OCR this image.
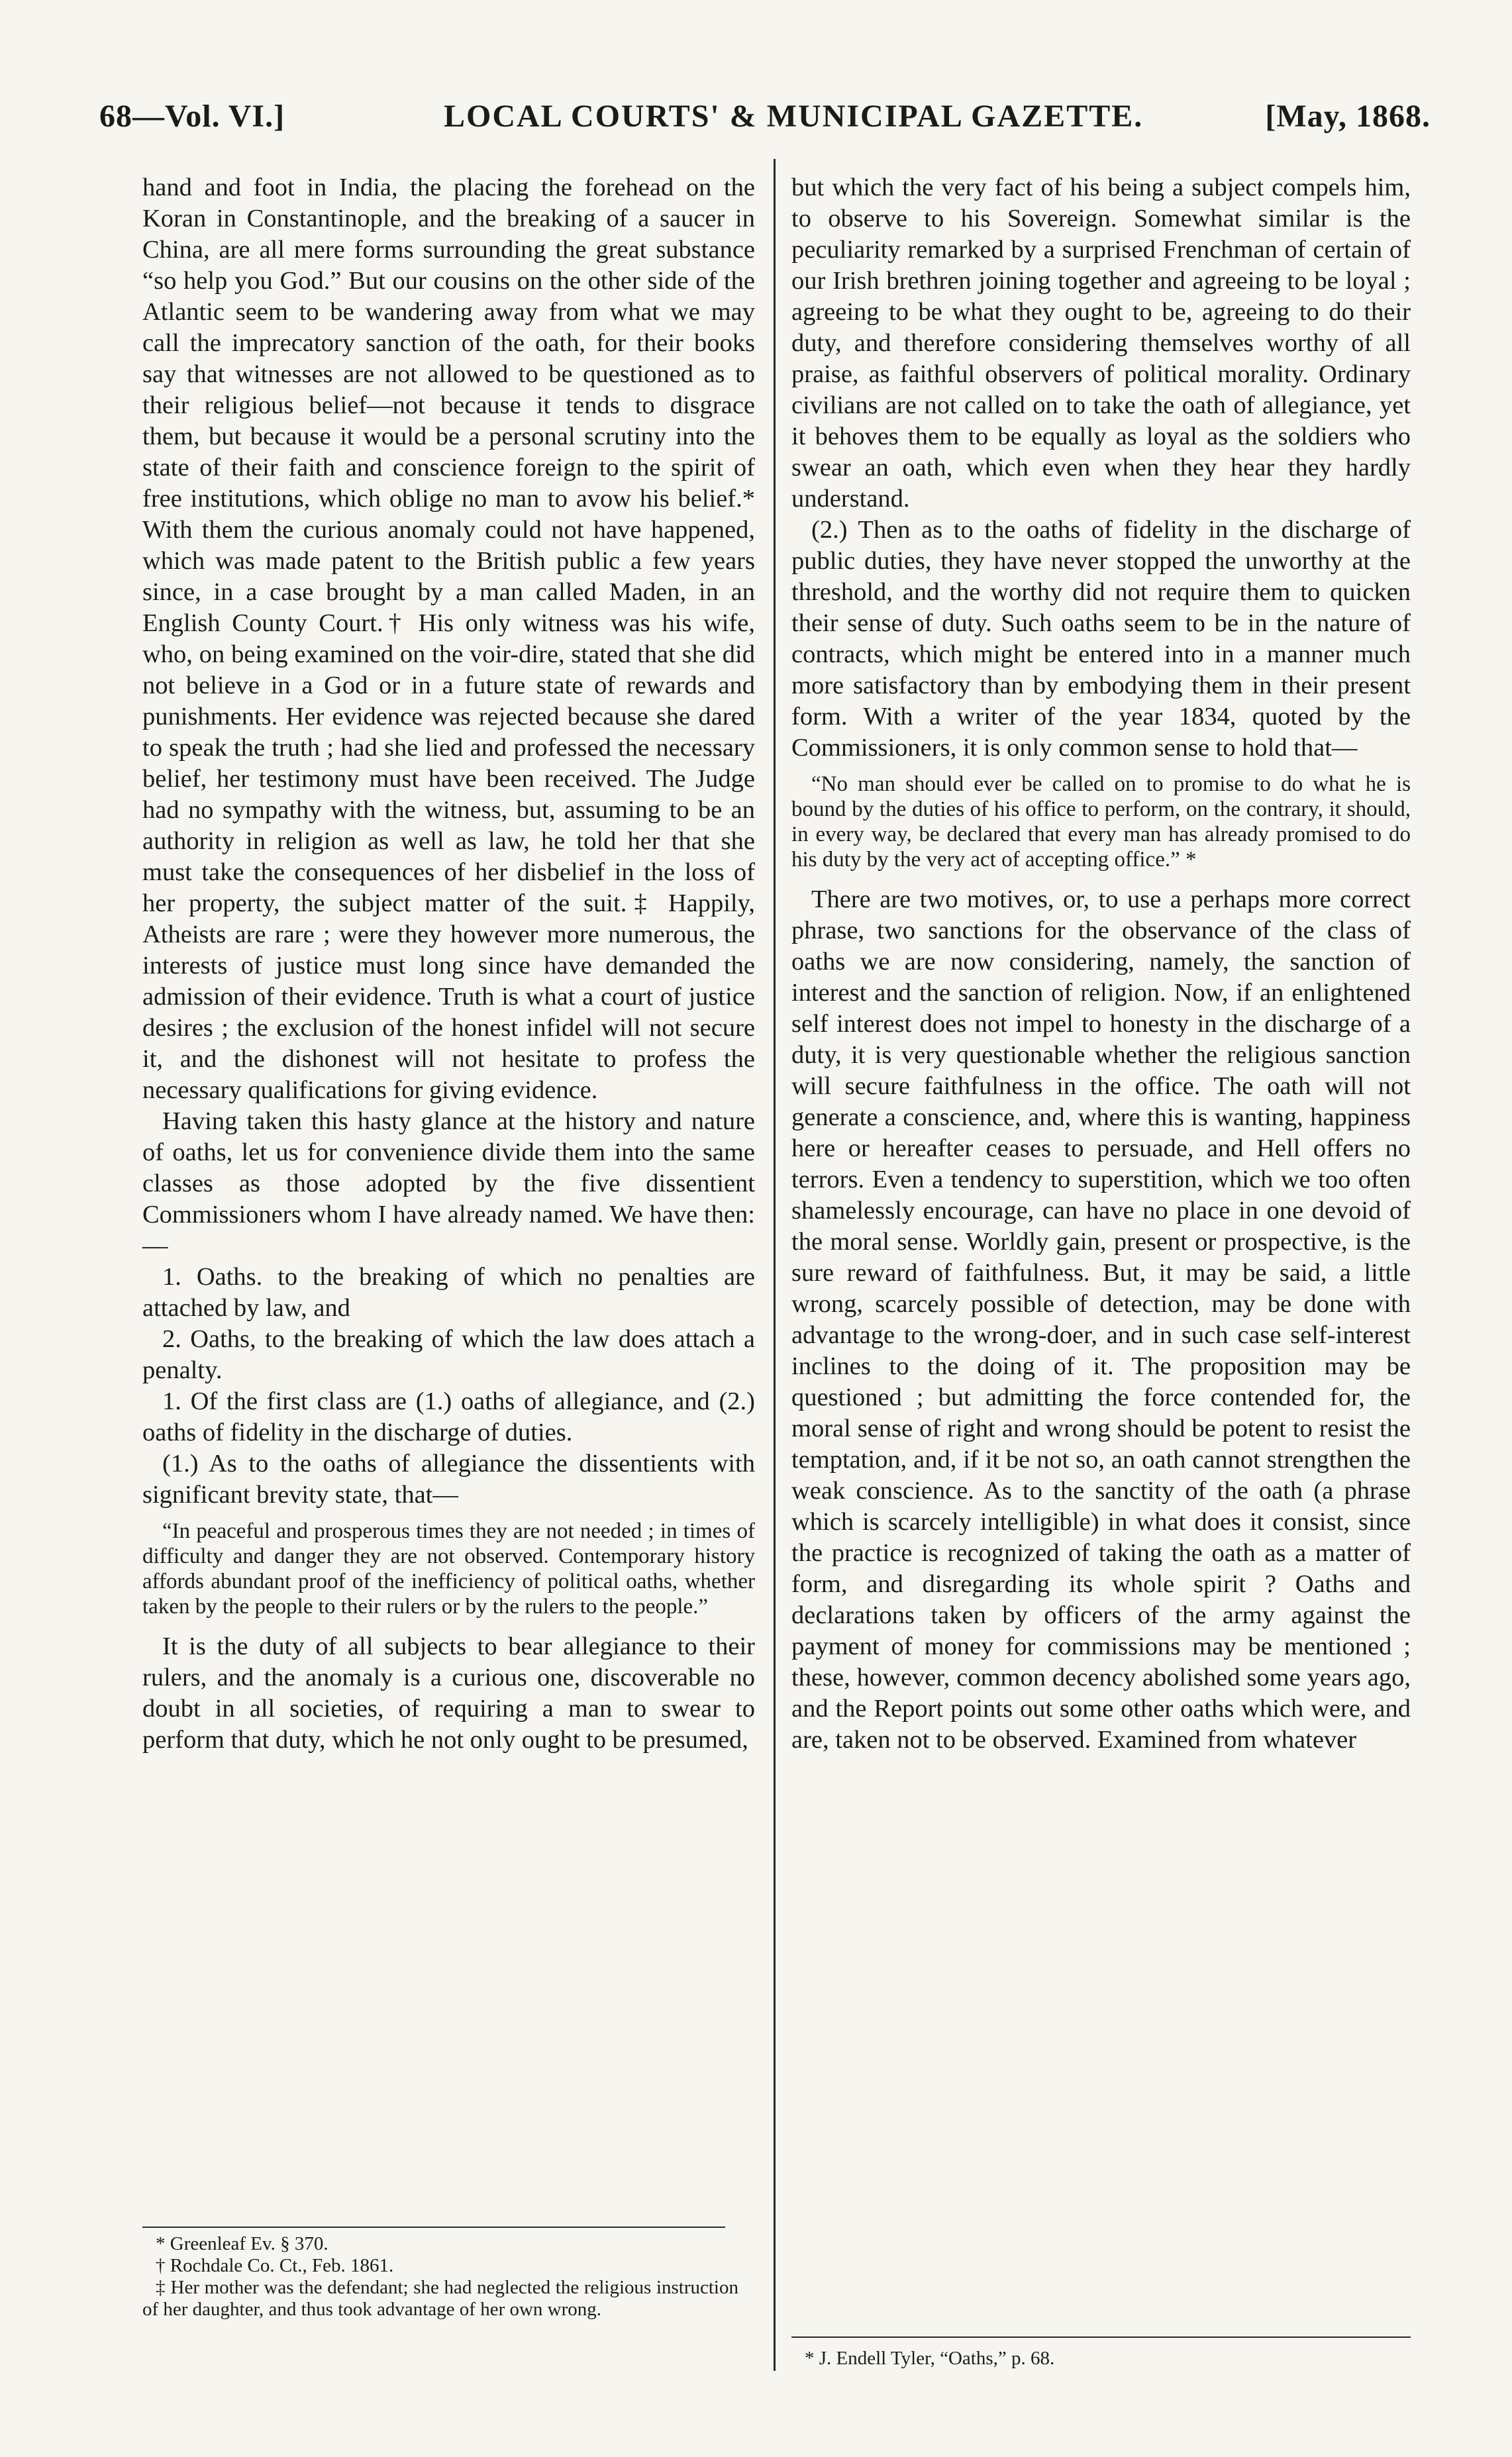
68—Vol. VI.]	LOCAL COURTS' & MUNICIPAL GAZETTE.	[May, 1868.

hand and foot in India, the placing the forehead on the Koran in Constantinople, and the breaking of a saucer in China, are all mere forms surrounding the great substance “so help you God.” But our cousins on the other side of the Atlantic seem to be wandering away from what we may call the imprecatory sanction of the oath, for their books say that witnesses are not allowed to be questioned as to their religious belief—not because it tends to disgrace them, but because it would be a personal scrutiny into the state of their faith and conscience foreign to the spirit of free institutions, which oblige no man to avow his belief.* With them the curious anomaly could not have happened, which was made patent to the British public a few years since, in a case brought by a man called Maden, in an English County Court.† His only witness was his wife, who, on being examined on the voir-dire, stated that she did not believe in a God or in a future state of rewards and punishments. Her evidence was rejected because she dared to speak the truth ; had she lied and professed the necessary belief, her testimony must have been received. The Judge had no sympathy with the witness, but, assuming to be an authority in religion as well as law, he told her that she must take the consequences of her disbelief in the loss of her property, the subject matter of the suit.‡ Happily, Atheists are rare ; were they however more numerous, the interests of justice must long since have demanded the admission of their evidence. Truth is what a court of justice desires ; the exclusion of the honest infidel will not secure it, and the dishonest will not hesitate to profess the necessary qualifications for giving evidence.

Having taken this hasty glance at the history and nature of oaths, let us for convenience divide them into the same classes as those adopted by the five dissentient Commissioners whom I have already named. We have then:—

1. Oaths. to the breaking of which no penalties are attached by law, and

2. Oaths, to the breaking of which the law does attach a penalty.

1. Of the first class are (1.) oaths of allegiance, and (2.) oaths of fidelity in the discharge of duties.

(1.) As to the oaths of allegiance the dissentients with significant brevity state, that—

“In peaceful and prosperous times they are not needed ; in times of difficulty and danger they are not observed. Contemporary history affords abundant proof of the inefficiency of political oaths, whether taken by the people to their rulers or by the rulers to the people.”

It is the duty of all subjects to bear allegiance to their rulers, and the anomaly is a curious one, discoverable no doubt in all societies, of requiring a man to swear to perform that duty, which he not only ought to be presumed,

* Greenleaf Ev. § 370.

† Rochdale Co. Ct., Feb. 1861.

‡ Her mother was the defendant; she had neglected the religious instruction of her daughter, and thus took advantage of her own wrong.

but which the very fact of his being a subject compels him, to observe to his Sovereign. Somewhat similar is the peculiarity remarked by a surprised Frenchman of certain of our Irish brethren joining together and agreeing to be loyal ; agreeing to be what they ought to be, agreeing to do their duty, and therefore considering themselves worthy of all praise, as faithful observers of political morality. Ordinary civilians are not called on to take the oath of allegiance, yet it behoves them to be equally as loyal as the soldiers who swear an oath, which even when they hear they hardly understand.

(2.) Then as to the oaths of fidelity in the discharge of public duties, they have never stopped the unworthy at the threshold, and the worthy did not require them to quicken their sense of duty. Such oaths seem to be in the nature of contracts, which might be entered into in a manner much more satisfactory than by embodying them in their present form. With a writer of the year 1834, quoted by the Commissioners, it is only common sense to hold that—

“No man should ever be called on to promise to do what he is bound by the duties of his office to perform, on the contrary, it should, in every way, be declared that every man has already promised to do his duty by the very act of accepting office.” *

There are two motives, or, to use a perhaps more correct phrase, two sanctions for the observance of the class of oaths we are now considering, namely, the sanction of interest and the sanction of religion. Now, if an enlightened self interest does not impel to honesty in the discharge of a duty, it is very questionable whether the religious sanction will secure faithfulness in the office. The oath will not generate a conscience, and, where this is wanting, happiness here or hereafter ceases to persuade, and Hell offers no terrors. Even a tendency to superstition, which we too often shamelessly encourage, can have no place in one devoid of the moral sense. Worldly gain, present or prospective, is the sure reward of faithfulness. But, it may be said, a little wrong, scarcely possible of detection, may be done with advantage to the wrong-doer, and in such case self-interest inclines to the doing of it. The proposition may be questioned ; but admitting the force contended for, the moral sense of right and wrong should be potent to resist the temptation, and, if it be not so, an oath cannot strengthen the weak conscience. As to the sanctity of the oath (a phrase which is scarcely intelligible) in what does it consist, since the practice is recognized of taking the oath as a matter of form, and disregarding its whole spirit ? Oaths and declarations taken by officers of the army against the payment of money for commissions may be mentioned ; these, however, common decency abolished some years ago, and the Report points out some other oaths which were, and are, taken not to be observed. Examined from whatever

* J. Endell Tyler, “Oaths,” p. 68.
